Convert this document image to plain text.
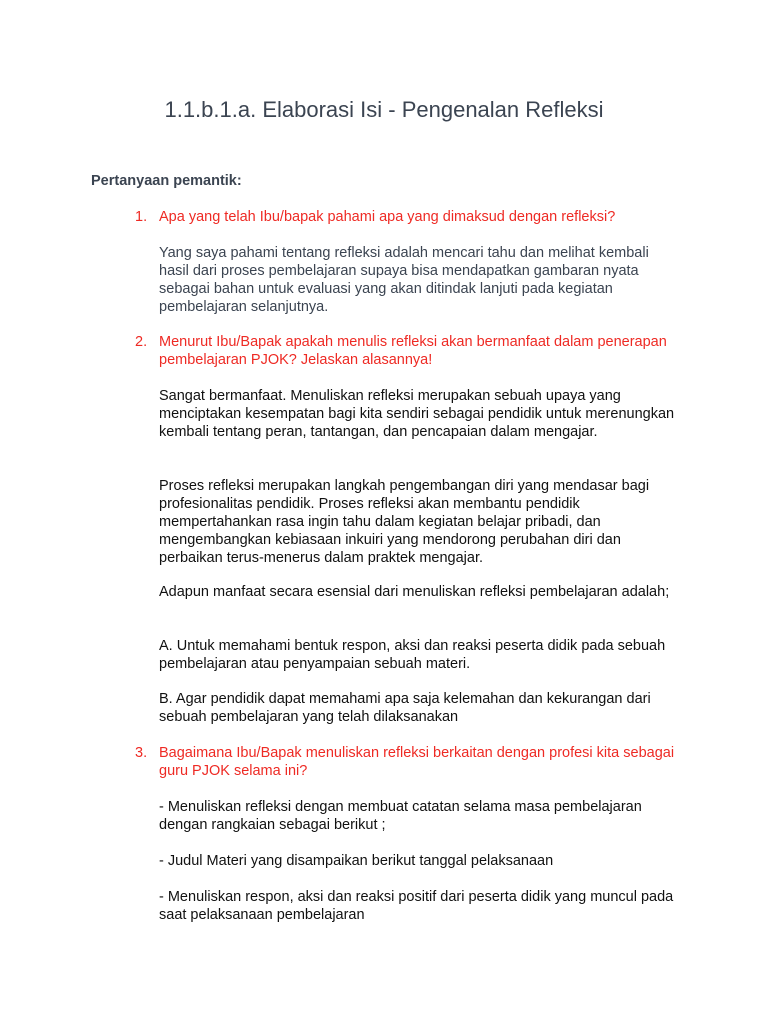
1.1.b.1.a. Elaborasi Isi - Pengenalan Refleksi
Pertanyaan pemantik:
1. Apa yang telah Ibu/bapak pahami apa yang dimaksud dengan refleksi?
Yang saya pahami tentang refleksi adalah mencari tahu dan melihat kembali hasil dari proses pembelajaran supaya bisa mendapatkan gambaran nyata sebagai bahan untuk evaluasi yang akan ditindak lanjuti pada kegiatan pembelajaran selanjutnya.
2. Menurut Ibu/Bapak apakah menulis refleksi akan bermanfaat dalam penerapan pembelajaran PJOK? Jelaskan alasannya!
Sangat bermanfaat. Menuliskan refleksi merupakan sebuah upaya yang menciptakan kesempatan bagi kita sendiri sebagai pendidik untuk merenungkan kembali tentang peran, tantangan, dan pencapaian dalam mengajar.
Proses refleksi merupakan langkah pengembangan diri yang mendasar bagi profesionalitas pendidik. Proses refleksi akan membantu pendidik mempertahankan rasa ingin tahu dalam kegiatan belajar pribadi, dan mengembangkan kebiasaan inkuiri yang mendorong perubahan diri dan perbaikan terus-menerus dalam praktek mengajar.
Adapun manfaat secara esensial dari menuliskan refleksi pembelajaran adalah;
A. Untuk memahami bentuk respon, aksi dan reaksi peserta didik pada sebuah pembelajaran atau penyampaian sebuah materi.
B. Agar pendidik dapat memahami apa saja kelemahan dan kekurangan dari sebuah pembelajaran yang telah dilaksanakan
3. Bagaimana Ibu/Bapak menuliskan refleksi berkaitan dengan profesi kita sebagai guru PJOK selama ini?
- Menuliskan refleksi dengan membuat catatan selama masa pembelajaran dengan rangkaian sebagai berikut ;
- Judul Materi yang disampaikan berikut tanggal pelaksanaan
- Menuliskan respon, aksi dan reaksi positif dari peserta didik yang muncul pada saat pelaksanaan pembelajaran
